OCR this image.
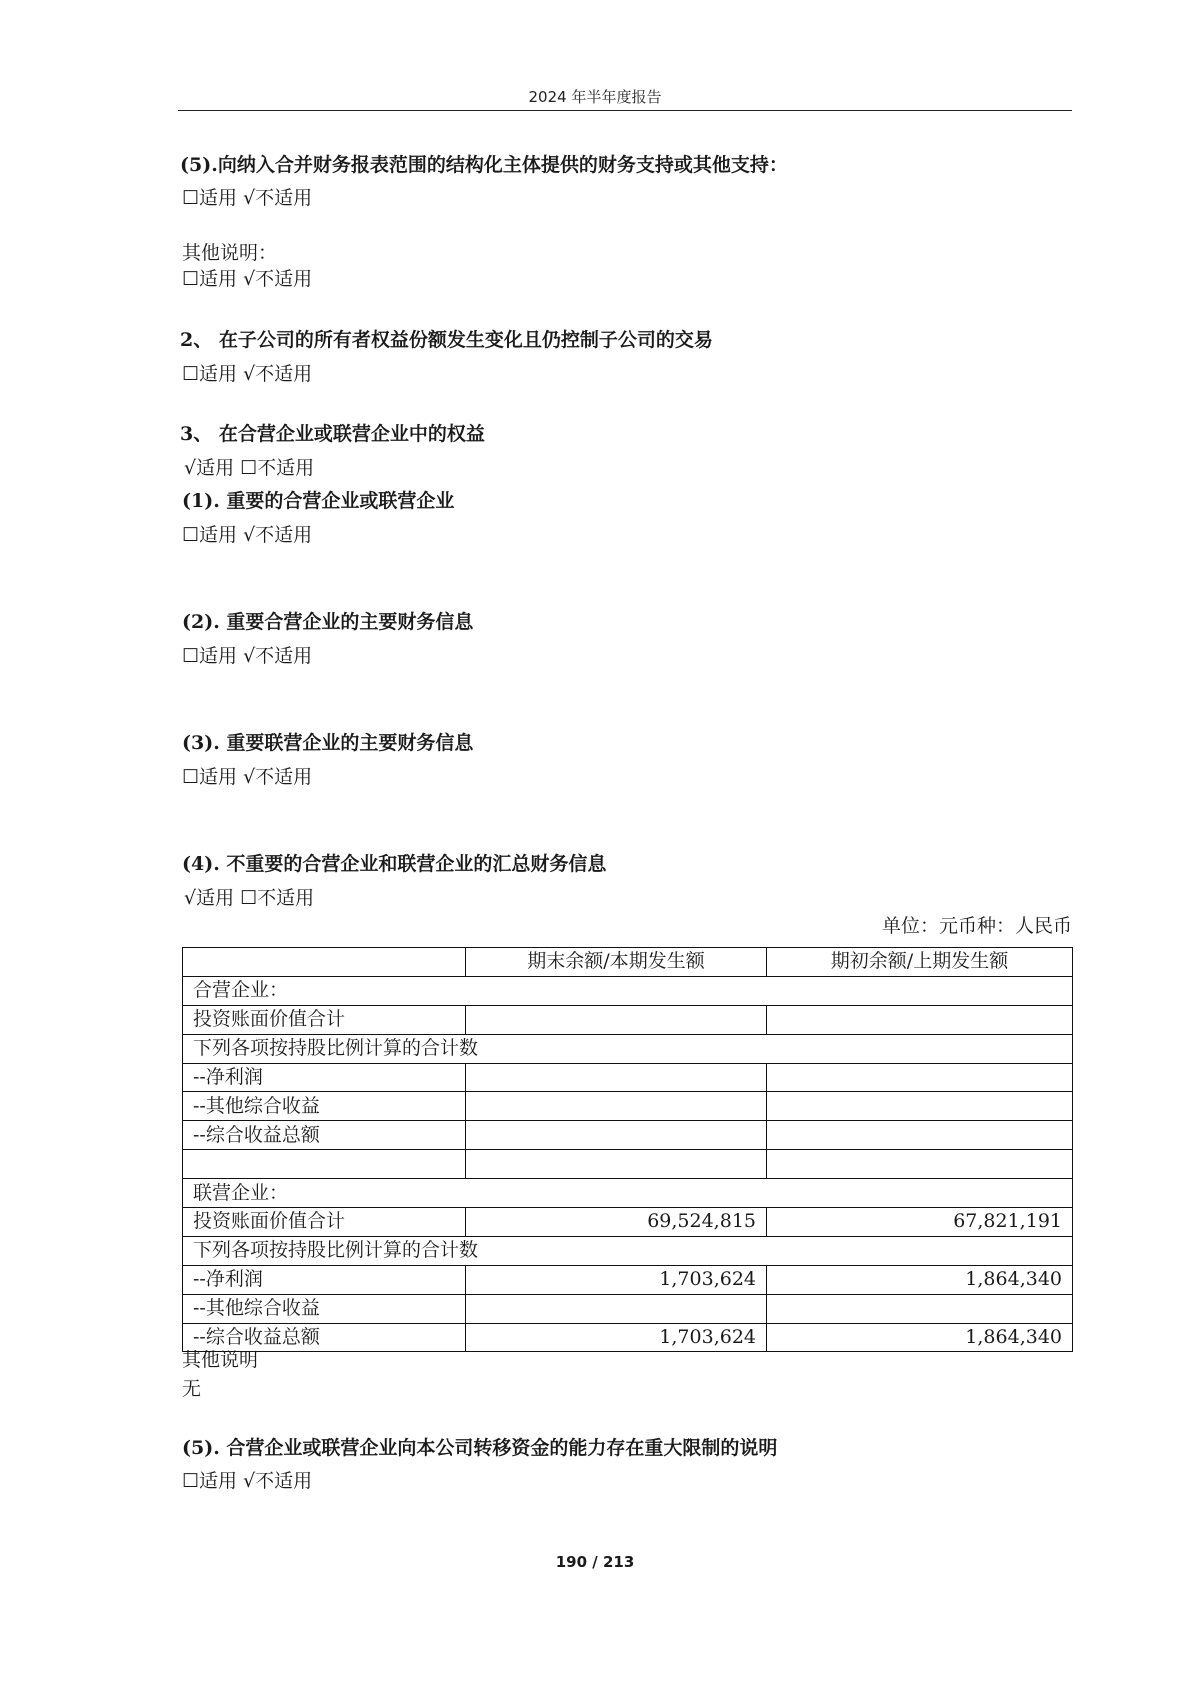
2024 年半年度报告
(5).向纳入合并财务报表范围的结构化主体提供的财务支持或其他支持：
☐适用 √不适用
其他说明：
☐适用 √不适用
2、 在子公司的所有者权益份额发生变化且仍控制子公司的交易
☐适用 √不适用
3、 在合营企业或联营企业中的权益
√适用 ☐不适用
(1). 重要的合营企业或联营企业
☐适用 √不适用
(2). 重要合营企业的主要财务信息
☐适用 √不适用
(3). 重要联营企业的主要财务信息
☐适用 √不适用
(4). 不重要的合营企业和联营企业的汇总财务信息
√适用 ☐不适用
单位：元币种：人民币
	期末余额/本期发生额	期初余额/上期发生额
合营企业：		
投资账面价值合计		
下列各项按持股比例计算的合计数		
--净利润		
--其他综合收益		
--综合收益总额		

联营企业：		
投资账面价值合计	69,524,815	67,821,191
下列各项按持股比例计算的合计数		
--净利润	1,703,624	1,864,340
--其他综合收益		
--综合收益总额	1,703,624	1,864,340
其他说明
无
(5). 合营企业或联营企业向本公司转移资金的能力存在重大限制的说明
☐适用 √不适用
190 / 213
